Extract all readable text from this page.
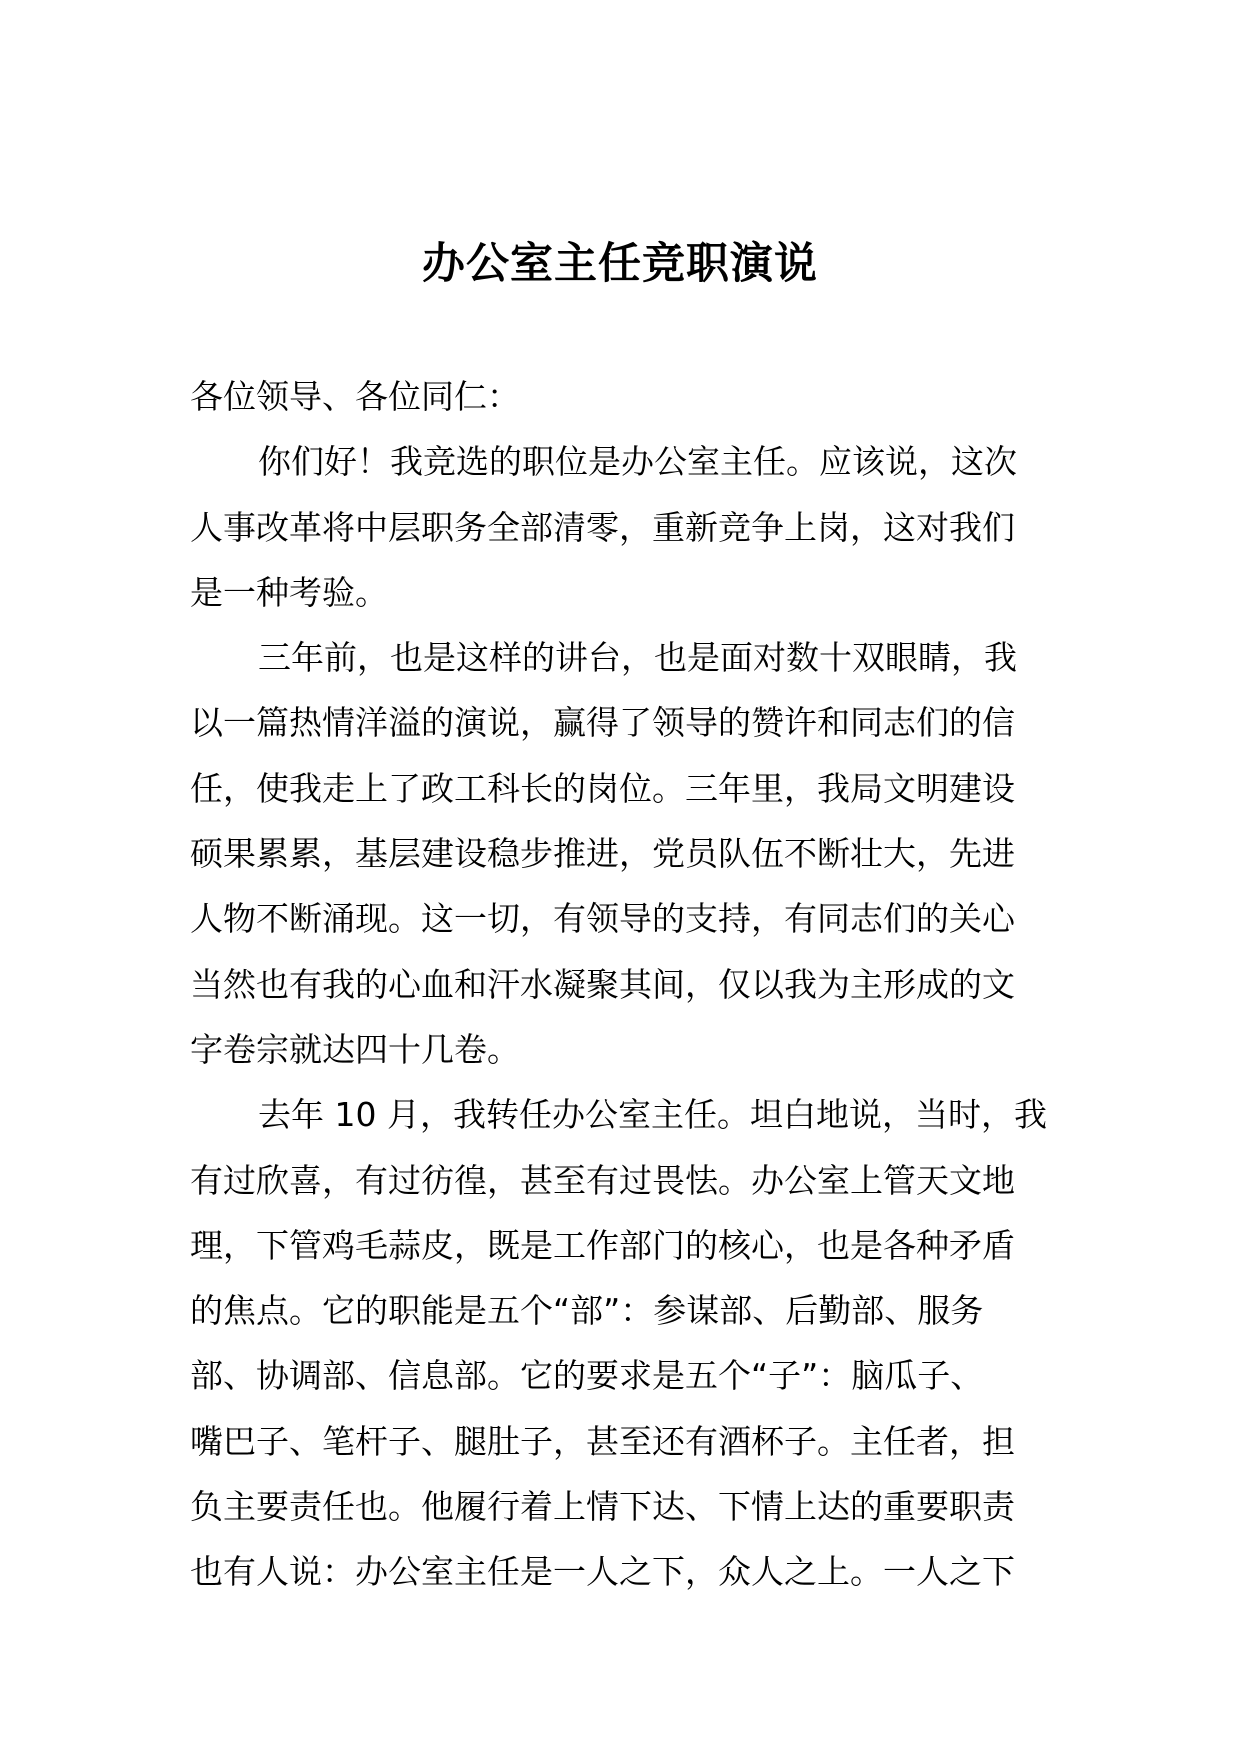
办公室主任竞职演说
各位领导、各位同仁：

你们好！我竞选的职位是办公室主任。应该说，这次
人事改革将中层职务全部清零，重新竞争上岗，这对我们
是一种考验。

三年前，也是这样的讲台，也是面对数十双眼睛，我
以一篇热情洋溢的演说，赢得了领导的赞许和同志们的信
任，使我走上了政工科长的岗位。三年里，我局文明建设
硕果累累，基层建设稳步推进，党员队伍不断壮大，先进
人物不断涌现。这一切，有领导的支持，有同志们的关心
当然也有我的心血和汗水凝聚其间，仅以我为主形成的文
字卷宗就达四十几卷。

去年 10 月，我转任办公室主任。坦白地说，当时，我
有过欣喜，有过彷徨，甚至有过畏怯。办公室上管天文地
理，下管鸡毛蒜皮，既是工作部门的核心，也是各种矛盾
的焦点。它的职能是五个“部”：参谋部、后勤部、服务
部、协调部、信息部。它的要求是五个“子”：脑瓜子、
嘴巴子、笔杆子、腿肚子，甚至还有酒杯子。主任者，担
负主要责任也。他履行着上情下达、下情上达的重要职责
也有人说：办公室主任是一人之下，众人之上。一人之下
